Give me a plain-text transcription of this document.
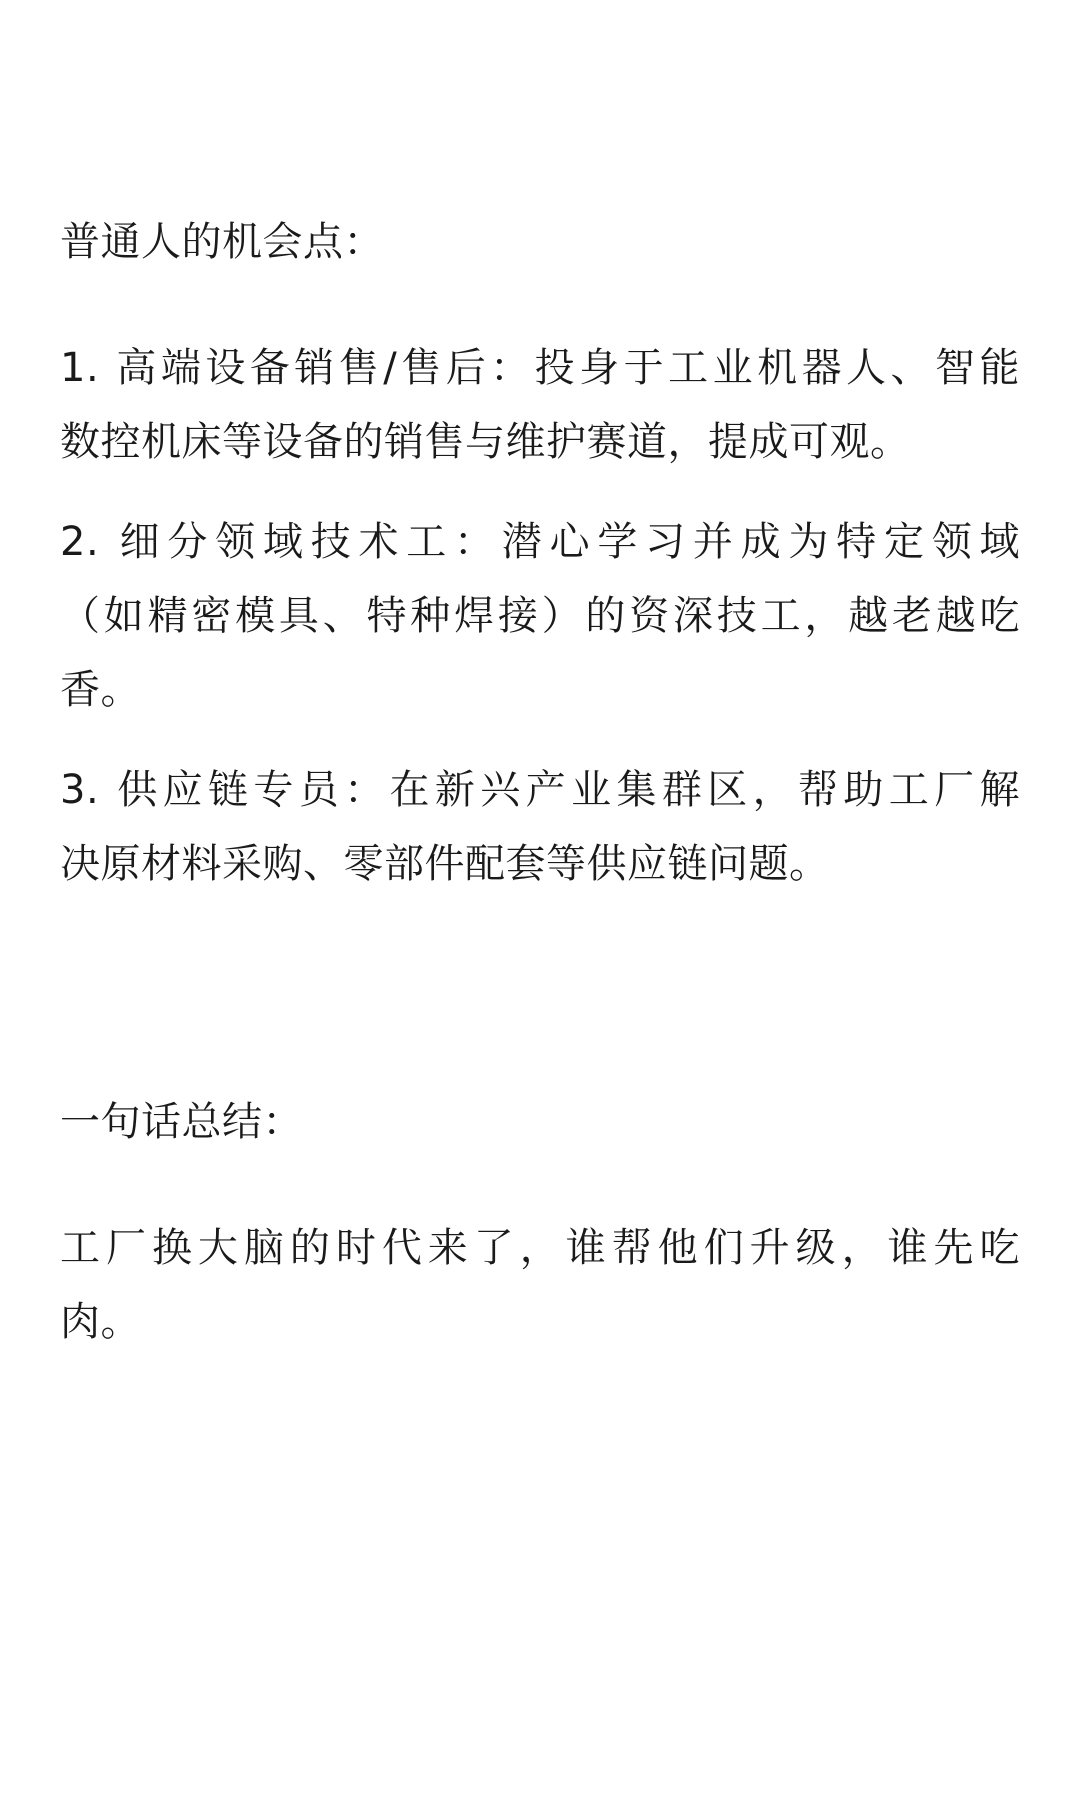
普通人的机会点：
1. 高端设备销售/售后：投身于工业机器人、智能
数控机床等设备的销售与维护赛道，提成可观。
2. 细分领域技术工：潜心学习并成为特定领域
（如精密模具、特种焊接）的资深技工，越老越吃
香。
3. 供应链专员：在新兴产业集群区，帮助工厂解
决原材料采购、零部件配套等供应链问题。
一句话总结：
工厂换大脑的时代来了，谁帮他们升级，谁先吃
肉。
